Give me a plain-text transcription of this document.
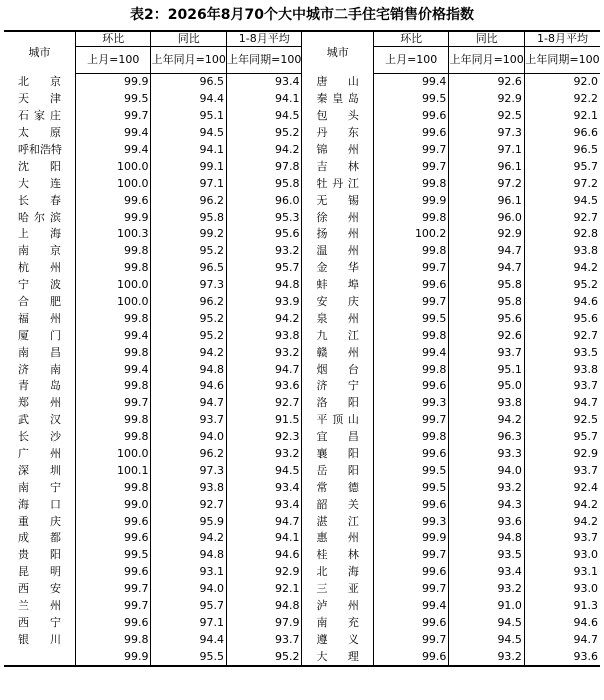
表2：2026年8月70个大中城市二手住宅销售价格指数
城市	环比	同比	1-8月平均	城市	环比	同比	1-8月平均
	上月=100	上年同月=100	上年同期=100		上月=100	上年同月=100	上年同期=100
北京	99.9	96.5	93.4	唐山	99.4	92.6	92.0
天津	99.5	94.4	94.1	秦皇岛	99.5	92.9	92.2
石家庄	99.7	95.1	94.5	包头	99.6	92.5	92.1
太原	99.4	94.5	95.2	丹东	99.6	97.3	96.6
呼和浩特	99.4	94.1	94.2	锦州	99.7	97.1	96.5
沈阳	100.0	99.1	97.8	吉林	99.7	96.1	95.7
大连	100.0	97.1	95.8	牡丹江	99.8	97.2	97.2
长春	99.6	96.2	96.0	无锡	99.9	96.1	94.5
哈尔滨	99.9	95.8	95.3	徐州	99.8	96.0	92.7
上海	100.3	99.2	95.6	扬州	100.2	92.9	92.8
南京	99.8	95.2	93.2	温州	99.8	94.7	93.8
杭州	99.8	96.5	95.7	金华	99.7	94.7	94.2
宁波	100.0	97.3	94.8	蚌埠	99.6	95.8	95.2
合肥	100.0	96.2	93.9	安庆	99.7	95.8	94.6
福州	99.8	95.2	94.2	泉州	99.5	95.6	95.6
厦门	99.4	95.2	93.8	九江	99.8	92.6	92.7
南昌	99.8	94.2	93.2	赣州	99.4	93.7	93.5
济南	99.4	94.8	94.7	烟台	99.8	95.1	93.8
青岛	99.8	94.6	93.6	济宁	99.6	95.0	93.7
郑州	99.7	94.7	92.7	洛阳	99.3	93.8	94.7
武汉	99.8	93.7	91.5	平顶山	99.7	94.2	92.5
长沙	99.8	94.0	92.3	宜昌	99.8	96.3	95.7
广州	100.0	96.2	93.2	襄阳	99.6	93.3	92.9
深圳	100.1	97.3	94.5	岳阳	99.5	94.0	93.7
南宁	99.8	93.8	93.4	常德	99.5	93.2	92.4
海口	99.0	92.7	93.4	韶关	99.6	94.3	94.2
重庆	99.6	95.9	94.7	湛江	99.3	93.6	94.2
成都	99.6	94.2	94.1	惠州	99.9	94.8	93.7
贵阳	99.5	94.8	94.6	桂林	99.7	93.5	93.0
昆明	99.6	93.1	92.9	北海	99.6	93.4	93.1
西安	99.7	94.0	92.1	三亚	99.7	93.2	93.0
兰州	99.7	95.7	94.8	泸州	99.4	91.0	91.3
西宁	99.6	97.1	97.9	南充	99.6	94.5	94.6
银川	99.8	94.4	93.7	遵义	99.7	94.5	94.7
	99.9	95.5	95.2	大理	99.6	93.2	93.6
